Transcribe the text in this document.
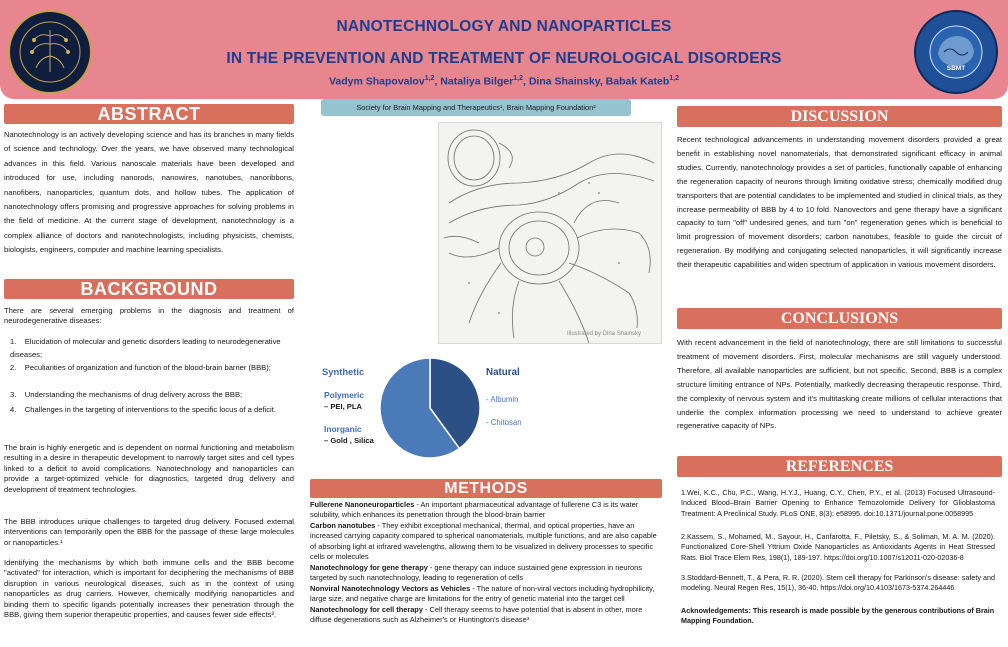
SBMT
NANOTECHNOLOGY AND NANOPARTICLES
IN THE PREVENTION AND TREATMENT OF NEUROLOGICAL DISORDERS
Vadym Shapovalov$^{1,2}$, Nataliya Bilger$^{1,2}$, Dina Shainsky, Babak Kateb$^{1,2}$
ABSTRACT
Nanotechnology is an actively developing science and has its branches in many fields of science and technology. Over the years, we have observed many technological advances in this field. Various nanoscale materials have been developed and introduced for use, including nanorods, nanowires, nanotubes, nanoribbons, nanofibers, nanoparticles, quantum dots, and hollow tubes. The application of nanotechnology offers promising and progressive approaches for solving problems in the field of medicine. At the current stage of development, nanotechnology is a complex alliance of doctors and nanotechnologists, including physicists, chemists, biologists, engineers, computer and machine learning specialists.
BACKGROUND
There are several emerging problems in the diagnosis and treatment of neurodegenerative diseases:
1. Elucidation of molecular and genetic disorders leading to neurodegenerative diseases;
2. Peculiarities of organization and function of the blood-brain barrier (BBB);
3. Understanding the mechanisms of drug delivery across the BBB;
4. Challenges in the targeting of interventions to the specific locus of a deficit.
The brain is highly energetic and is dependent on normal functioning and metabolism resulting in a desire in therapeutic development to narrowly target sites and cell types linked to a deficit to avoid complications. Nanotechnology and nanoparticles can provide a target-optimized vehicle for diagnostics, targeted drug delivery and development of treatment technologies.
The BBB introduces unique challenges to targeted drug delivery. Focused external interventions can temporarily open the BBB for the passage of these large molecules or nanoparticles.¹
Identifying the mechanisms by which both immune cells and the BBB become "activated" for interaction, which is important for deciphering the mechanisms of BBB disruption in various neurological diseases, such as in the context of using nanoparticles as drug carriers. However, chemically modifying nanoparticles and binding them to specific ligands potentially increases their penetration through the BBB, giving them superior therapeutic properties, and causes fewer side effects².
Society for Brain Mapping and Therapeutics¹, Brain Mapping Foundation²
Illustrated by Dina Shainsky
Synthetic
Polymeric
– PEI, PLA
Inorganic
– Gold , Silica
Natural
- Albumin
- Chitosan
METHODS

Fullerene Nanoneuroparticles - An important pharmaceutical advantage of fullerene C3 is its water solubility, which enhances its penetration through the blood-brain barrier

Carbon nanotubes - They exhibit exceptional mechanical, thermal, and optical properties, have an increased carrying capacity compared to spherical nanomaterials, multiple functions, and are also capable of absorbing light at infrared wavelengths, allowing them to be visualized in delivery processes to specific cells or molecules

Nanotechnology for gene therapy - gene therapy can induce sustained gene expression in neurons targeted by such nanotechnology, leading to regeneration of cells

Nonviral Nanotechnology Vectors as Vehicles - The nature of non-viral vectors including hydrophilicity, large size, and negative charge are limitations for the entry of genetic material into the target cell

Nanotechnology for cell therapy - Cell therapy seems to have potential that is absent in other, more diffuse degenerations such as Alzheimer's or Huntington's disease³

DISCUSSION
Recent technological advancements in understanding movement disorders provided a great benefit in establishing novel nanomaterials, that demonstrated significant efficacy in animal studies. Currently, nanotechnology provides a set of particles, functionally capable of enhancing the regeneration capacity of neurons through limiting oxidative stress; chemically modified drug transporters that are potential candidates to be implemented and studied in clinical trials, as they increase permeability of BBB by 4 to 10 fold. Nanovectors and gene therapy have a significant capacity to turn "off" undesired genes, and turn "on" regeneration genes which is beneficial to limit progression of movement disorders; carbon nanotubes, feasible to guide the circuit of regeneration. By modifying and conjugating selected nanoparticles, it will significantly increase their therapeutic capabilities and widen spectrum of application in various movement disorders.
CONCLUSIONS
With recent advancement in the field of nanotechnology, there are still limitations to successful treatment of movement disorders. First, molecular mechanisms are still vaguely understood. Therefore, all available nanoparticles are sufficient, but not specific. Second, BBB is a complex structure limiting entrance of NPs. Potentially, markedly decreasing therapeutic response. Third, the complexity of nervous system and it's multitasking create millions of cellular interactions that underlie the complex information processing we need to understand to achieve greater regenerative capacity of NPs.
REFERENCES
1.Wei, K.C., Chu, P.C., Wang, H.Y.J., Huang, C.Y., Chen, P.Y., et al. (2013) Focused Ultrasound-Induced Blood–Brain Barrier Opening to Enhance Temozolomide Delivery for Glioblastoma Treatment: A Preclinical Study. PLoS ONE, 8(3): e58995. doi:10.1371/journal.pone.0058995
2.Kassem, S., Mohamed, M., Sayour, H., Canfarotta, F., Piletsky, S., & Soliman, M. A. M. (2020). Functionalized Core-Shell Yttrium Oxide Nanoparticles as Antioxidants Agents in Heat Stressed Rats. Biol Trace Elem Res, 198(1), 189-197. https://doi.org/10.1007/s12011-020-02036-8
3.Stoddard-Bennett, T., & Pera, R. R. (2020). Stem cell therapy for Parkinson's disease: safety and modeling. Neural Regen Res, 15(1), 36-40. https://doi.org/10.4103/1673-5374.264446
Acknowledgements: This research is made possible by the generous contributions of Brain Mapping Foundation.
